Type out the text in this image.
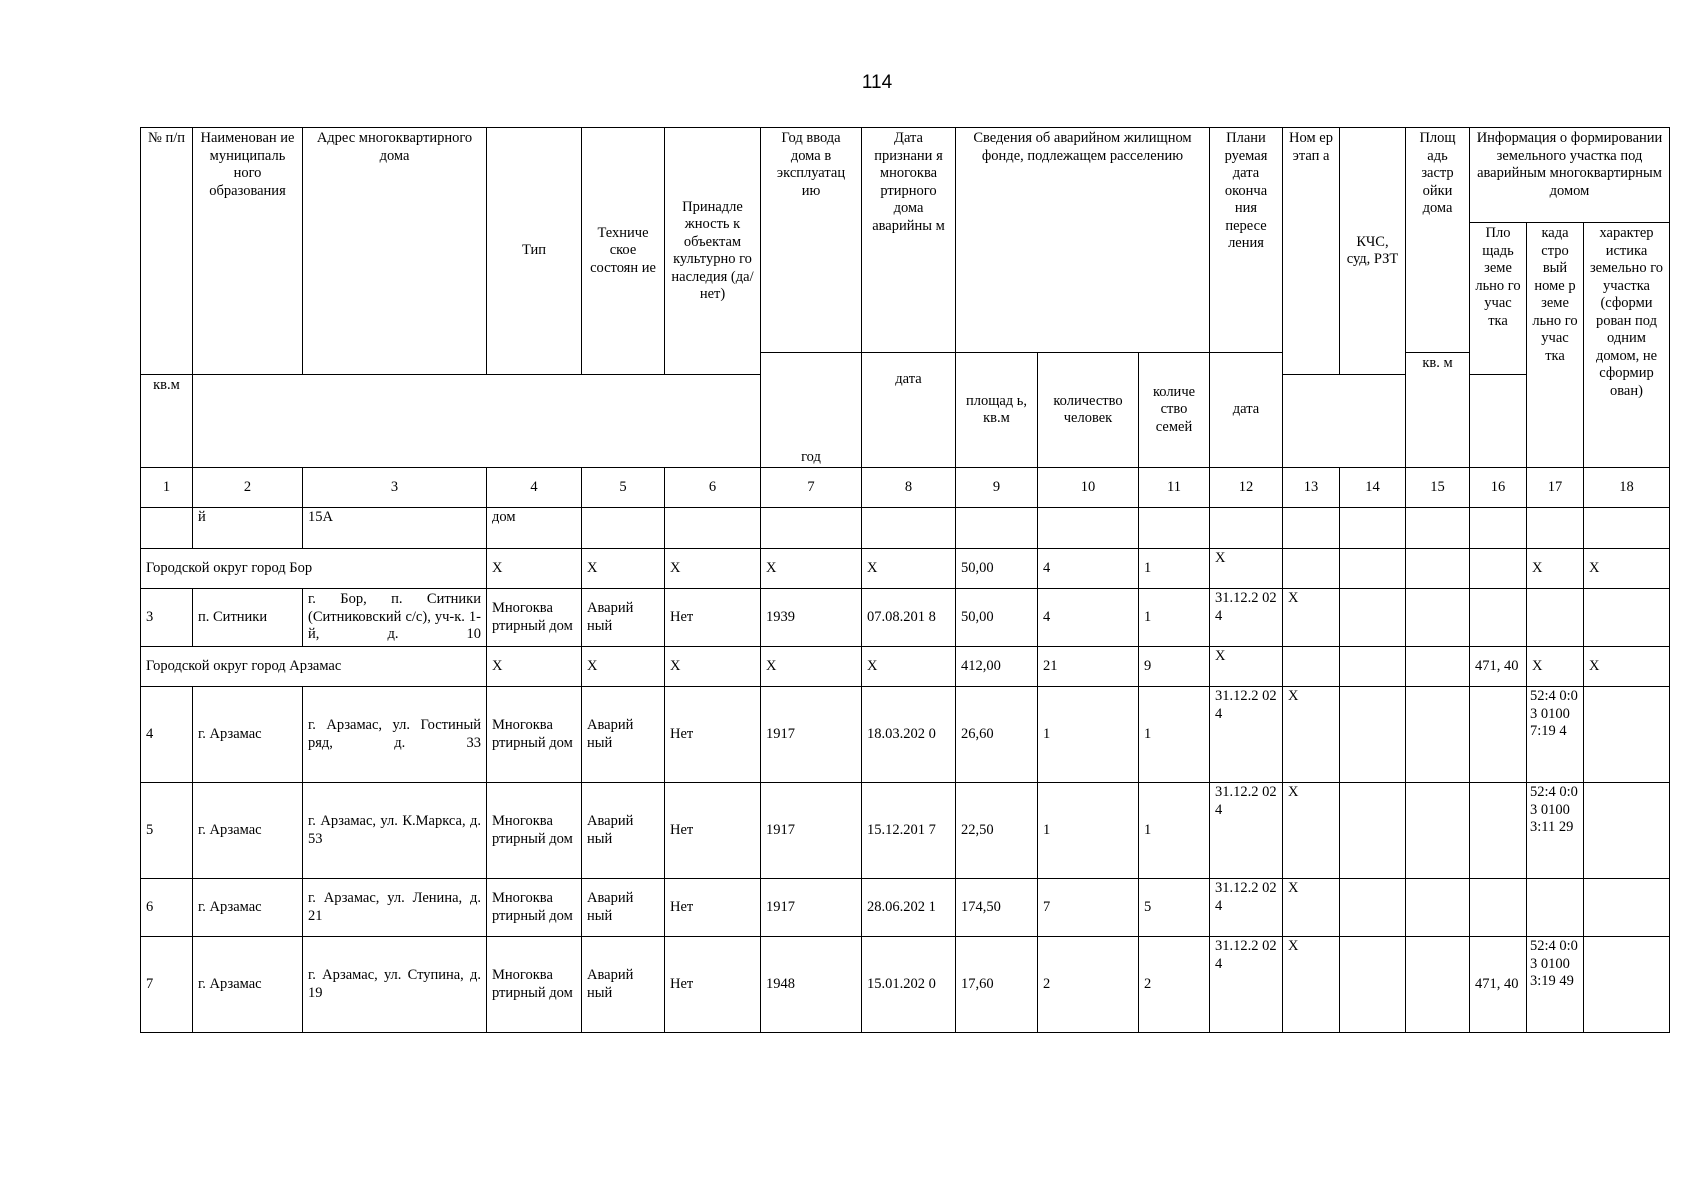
114
№ п/п	Наименован ие муниципаль ного образования	Адрес многоквартирного дома	Тип	Техниче ское состоян ие	Принадле жность к объектам культурно го наследия (да/нет)	Год ввода дома в эксплуатац ию	Дата признани я многоква ртирного дома аварийны м	Сведения об аварийном жилищном фонде, подлежащем расселению			Плани руемая дата оконча ния пересе ления	Ном ер этап а	КЧС, суд, РЗТ	Площ адь застр ойки дома	Информация о формировании земельного участка под аварийным многоквартирным домом		
															Пло щадь земе льно го учас тка	када стро вый номе р земе льно го учас тка	характер истика земельно го участка (сформи рован под одним домом, не сформир ован)
						год	дата	площад ь, кв.м	количество человек	количе ство семей	дата			кв. м			
кв.м																	
1	2	3	4	5	6	7	8	9	10	11	12	13	14	15	16	17	18
	й	15А	дом														
Городской округ город Бор			X	X	X	X	X	50,00	4	1	X					X	X
3	п. Ситники	г. Бор, п. Ситники (Ситниковский с/с), уч-к. 1-й, д. 10	Многоква ртирный дом	Аварий ный	Нет	1939	07.08.201 8	50,00	4	1	31.12.2 024	X					
Городской округ город Арзамас			X	X	X	X	X	412,00	21	9	X				471, 40	X	X
4	г. Арзамас	г. Арзамас, ул. Гостиный ряд, д. 33	Многоква ртирный дом	Аварий ный	Нет	1917	18.03.202 0	26,60	1	1	31.12.2 024	X				52:4 0:03 0100 7:19 4	
5	г. Арзамас	г. Арзамас, ул. К.Маркса, д. 53	Многоква ртирный дом	Аварий ный	Нет	1917	15.12.201 7	22,50	1	1	31.12.2 024	X				52:4 0:03 0100 3:11 29	
6	г. Арзамас	г. Арзамас, ул. Ленина, д. 21	Многоква ртирный дом	Аварий ный	Нет	1917	28.06.202 1	174,50	7	5	31.12.2 024	X					
7	г. Арзамас	г. Арзамас, ул. Ступина, д. 19	Многоква ртирный дом	Аварий ный	Нет	1948	15.01.202 0	17,60	2	2	31.12.2 024	X			471, 40	52:4 0:03 0100 3:19 49	
